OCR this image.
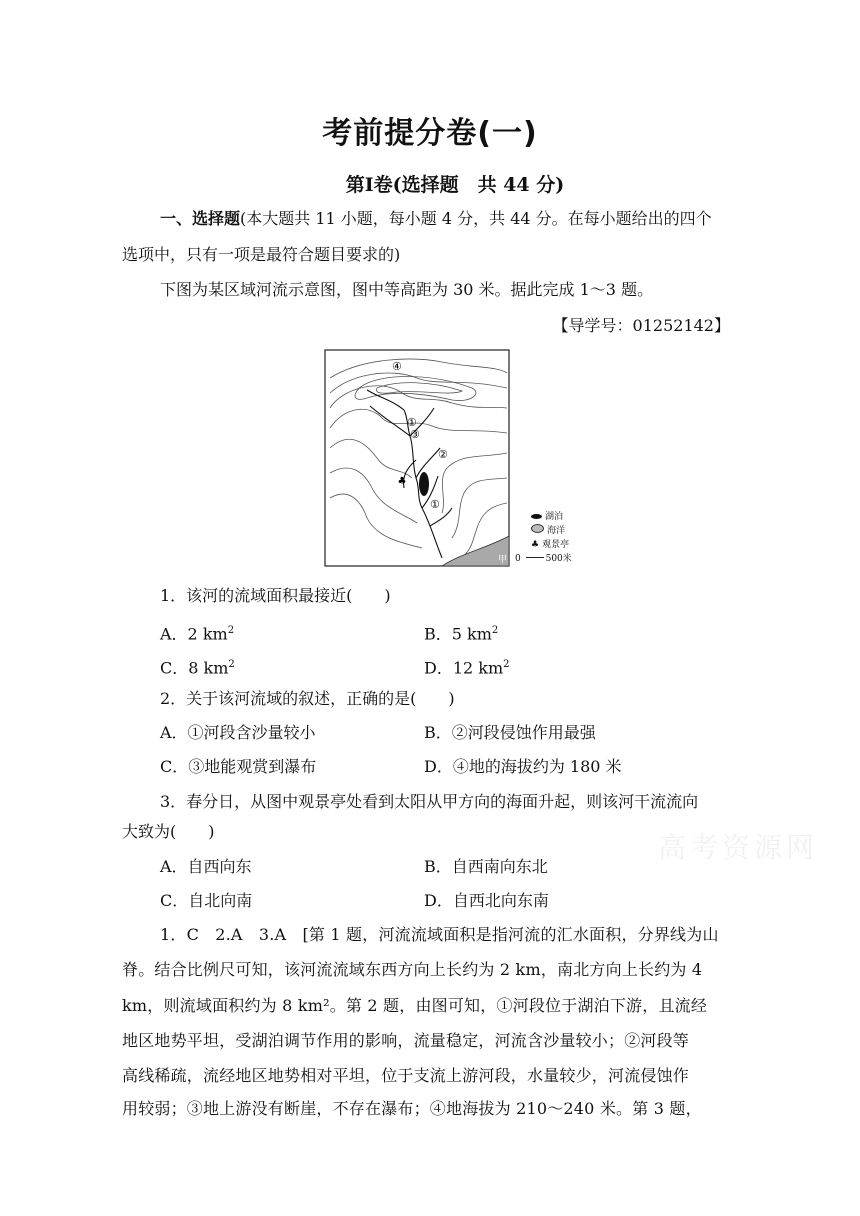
考前提分卷(一)
第Ⅰ卷(选择题　共 44 分)
一、选择题(本大题共 11 小题，每小题 4 分，共 44 分。在每小题给出的四个
选项中，只有一项是最符合题目要求的)
下图为某区域河流示意图，图中等高距为 30 米。据此完成 1～3 题。
【导学号：01252142】
♣
④
①
③
②
①
甲
湖泊
海洋
♣ 观景亭
0	500米
1．该河的流域面积最接近(　　)
A．2 $km^2$	B．5 $km^2$
C．8 $km^2$	D．12 $km^2$
2．关于该河流域的叙述，正确的是(　　)
A．①河段含沙量较小	B．②河段侵蚀作用最强
C．③地能观赏到瀑布	D．④地的海拔约为 180 米
3．春分日，从图中观景亭处看到太阳从甲方向的海面升起，则该河干流流向
大致为(　　)
A．自西向东	B．自西南向东北
C．自北向南	D．自西北向东南
高考资源网
1．C　2.A　3.A　[第 1 题，河流流域面积是指河流的汇水面积，分界线为山
脊。结合比例尺可知，该河流流域东西方向上长约为 2 km，南北方向上长约为 4
km，则流域面积约为 8 km²。第 2 题，由图可知，①河段位于湖泊下游，且流经
地区地势平坦，受湖泊调节作用的影响，流量稳定，河流含沙量较小；②河段等
高线稀疏，流经地区地势相对平坦，位于支流上游河段，水量较少，河流侵蚀作
用较弱；③地上游没有断崖，不存在瀑布；④地海拔为 210～240 米。第 3 题，
